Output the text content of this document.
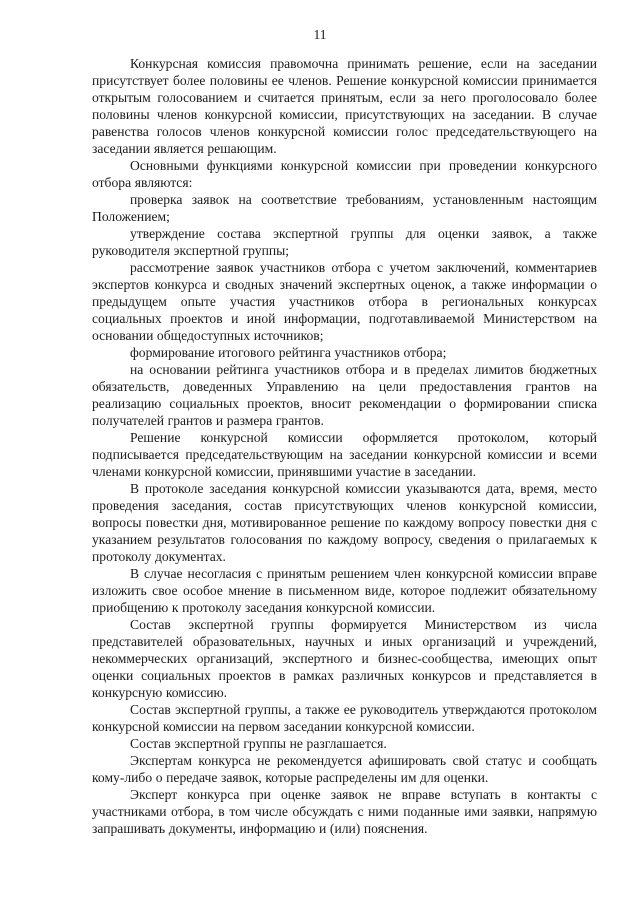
11

Конкурсная комиссия правомочна принимать решение, если на заседании присутствует более половины ее членов. Решение конкурсной комиссии принимается открытым голосованием и считается принятым, если за него проголосовало более половины членов конкурсной комиссии, присутствующих на заседании. В случае равенства голосов членов конкурсной комиссии голос председательствующего на заседании является решающим.

Основными функциями конкурсной комиссии при проведении конкурсного отбора являются:

проверка заявок на соответствие требованиям, установленным настоящим Положением;

утверждение состава экспертной группы для оценки заявок, а также руководителя экспертной группы;

рассмотрение заявок участников отбора с учетом заключений, комментариев экспертов конкурса и сводных значений экспертных оценок, а также информации о предыдущем опыте участия участников отбора в региональных конкурсах социальных проектов и иной информации, подготавливаемой Министерством на основании общедоступных источников;

формирование итогового рейтинга участников отбора;

на основании рейтинга участников отбора и в пределах лимитов бюджетных обязательств, доведенных Управлению на цели предоставления грантов на реализацию социальных проектов, вносит рекомендации о формировании списка получателей грантов и размера грантов.

Решение конкурсной комиссии оформляется протоколом, который подписывается председательствующим на заседании конкурсной комиссии и всеми членами конкурсной комиссии, принявшими участие в заседании.

В протоколе заседания конкурсной комиссии указываются дата, время, место проведения заседания, состав присутствующих членов конкурсной комиссии, вопросы повестки дня, мотивированное решение по каждому вопросу повестки дня с указанием результатов голосования по каждому вопросу, сведения о прилагаемых к протоколу документах.

В случае несогласия с принятым решением член конкурсной комиссии вправе изложить свое особое мнение в письменном виде, которое подлежит обязательному приобщению к протоколу заседания конкурсной комиссии.

Состав экспертной группы формируется Министерством из числа представителей образовательных, научных и иных организаций и учреждений, некоммерческих организаций, экспертного и бизнес-сообщества, имеющих опыт оценки социальных проектов в рамках различных конкурсов и представляется в конкурсную комиссию.

Состав экспертной группы, а также ее руководитель утверждаются протоколом конкурсной комиссии на первом заседании конкурсной комиссии.

Состав экспертной группы не разглашается.

Экспертам конкурса не рекомендуется афишировать свой статус и сообщать кому-либо о передаче заявок, которые распределены им для оценки.

Эксперт конкурса при оценке заявок не вправе вступать в контакты с участниками отбора, в том числе обсуждать с ними поданные ими заявки, напрямую запрашивать документы, информацию и (или) пояснения.
